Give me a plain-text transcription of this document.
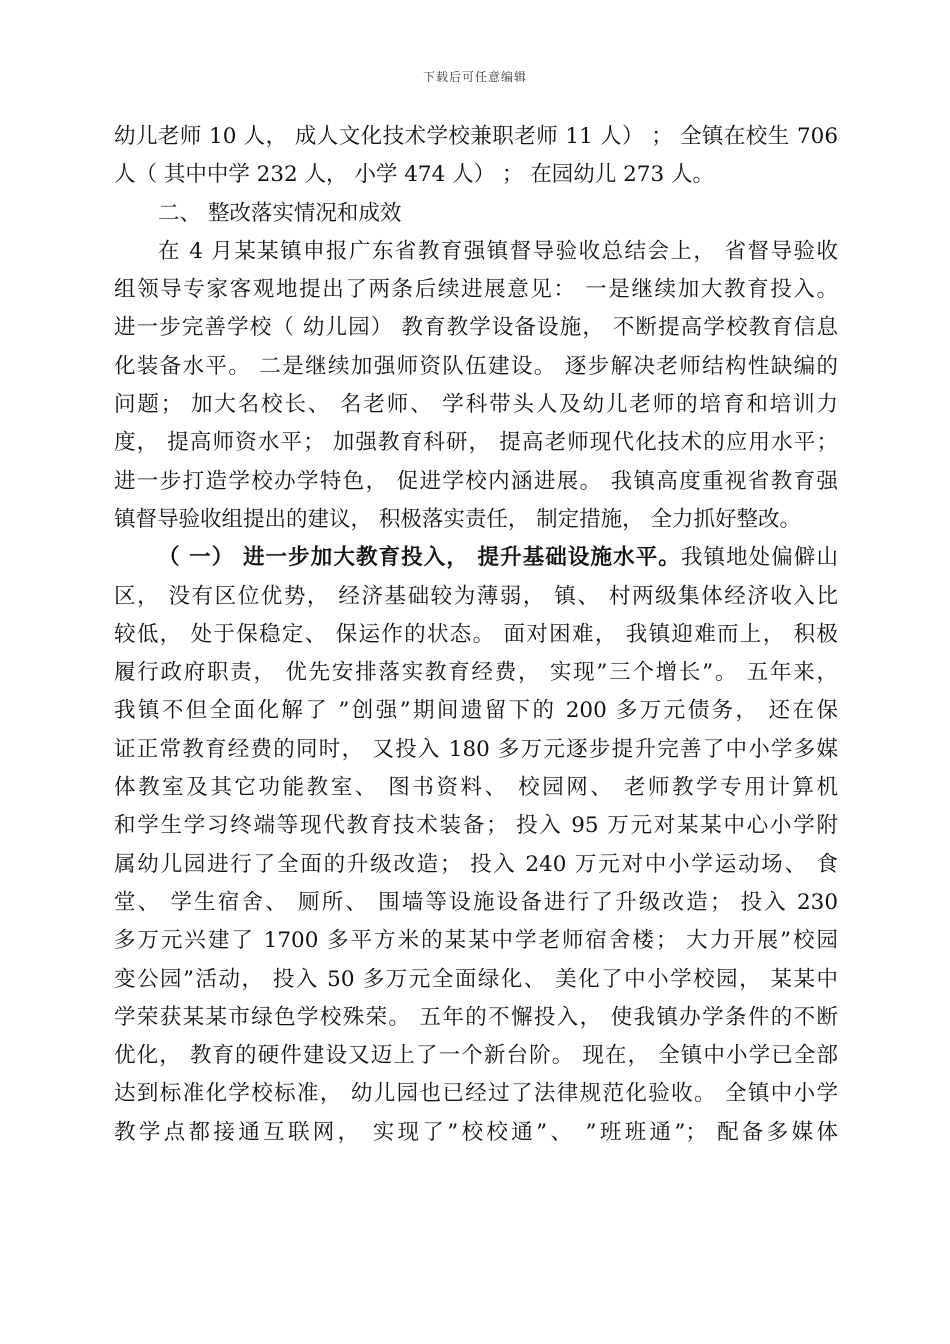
下载后可任意编辑
幼儿老师 10 人， 成人文化技术学校兼职老师 11 人） ； 全镇在校生 706
人（ 其中中学 232 人， 小学 474 人） ； 在园幼儿 273 人。
二、 整改落实情况和成效
在 4 月某某镇申报广东省教育强镇督导验收总结会上， 省督导验收
组领导专家客观地提出了两条后续进展意见： 一是继续加大教育投入。
进一步完善学校（ 幼儿园） 教育教学设备设施， 不断提高学校教育信息
化装备水平。 二是继续加强师资队伍建设。 逐步解决老师结构性缺编的
问题； 加大名校长、 名老师、 学科带头人及幼儿老师的培育和培训力
度， 提高师资水平； 加强教育科研， 提高老师现代化技术的应用水平；
进一步打造学校办学特色， 促进学校内涵进展。 我镇高度重视省教育强
镇督导验收组提出的建议， 积极落实责任， 制定措施， 全力抓好整改。
（ 一） 进一步加大教育投入， 提升基础设施水平。我镇地处偏僻山
区， 没有区位优势， 经济基础较为薄弱， 镇、 村两级集体经济收入比
较低， 处于保稳定、 保运作的状态。 面对困难， 我镇迎难而上， 积极
履行政府职责， 优先安排落实教育经费， 实现”三个增长”。 五年来，
我镇不但全面化解了 ”创强”期间遗留下的 200 多万元债务， 还在保
证正常教育经费的同时， 又投入 180 多万元逐步提升完善了中小学多媒
体教室及其它功能教室、 图书资料、 校园网、 老师教学专用计算机
和学生学习终端等现代教育技术装备； 投入 95 万元对某某中心小学附
属幼儿园进行了全面的升级改造； 投入 240 万元对中小学运动场、 食
堂、 学生宿舍、 厕所、 围墙等设施设备进行了升级改造； 投入 230
多万元兴建了 1700 多平方米的某某中学老师宿舍楼； 大力开展”校园
变公园”活动， 投入 50 多万元全面绿化、 美化了中小学校园， 某某中
学荣获某某市绿色学校殊荣。 五年的不懈投入， 使我镇办学条件的不断
优化， 教育的硬件建设又迈上了一个新台阶。 现在， 全镇中小学已全部
达到标准化学校标准， 幼儿园也已经过了法律规范化验收。 全镇中小学
教学点都接通互联网， 实现了”校校通”、 ”班班通”； 配备多媒体
